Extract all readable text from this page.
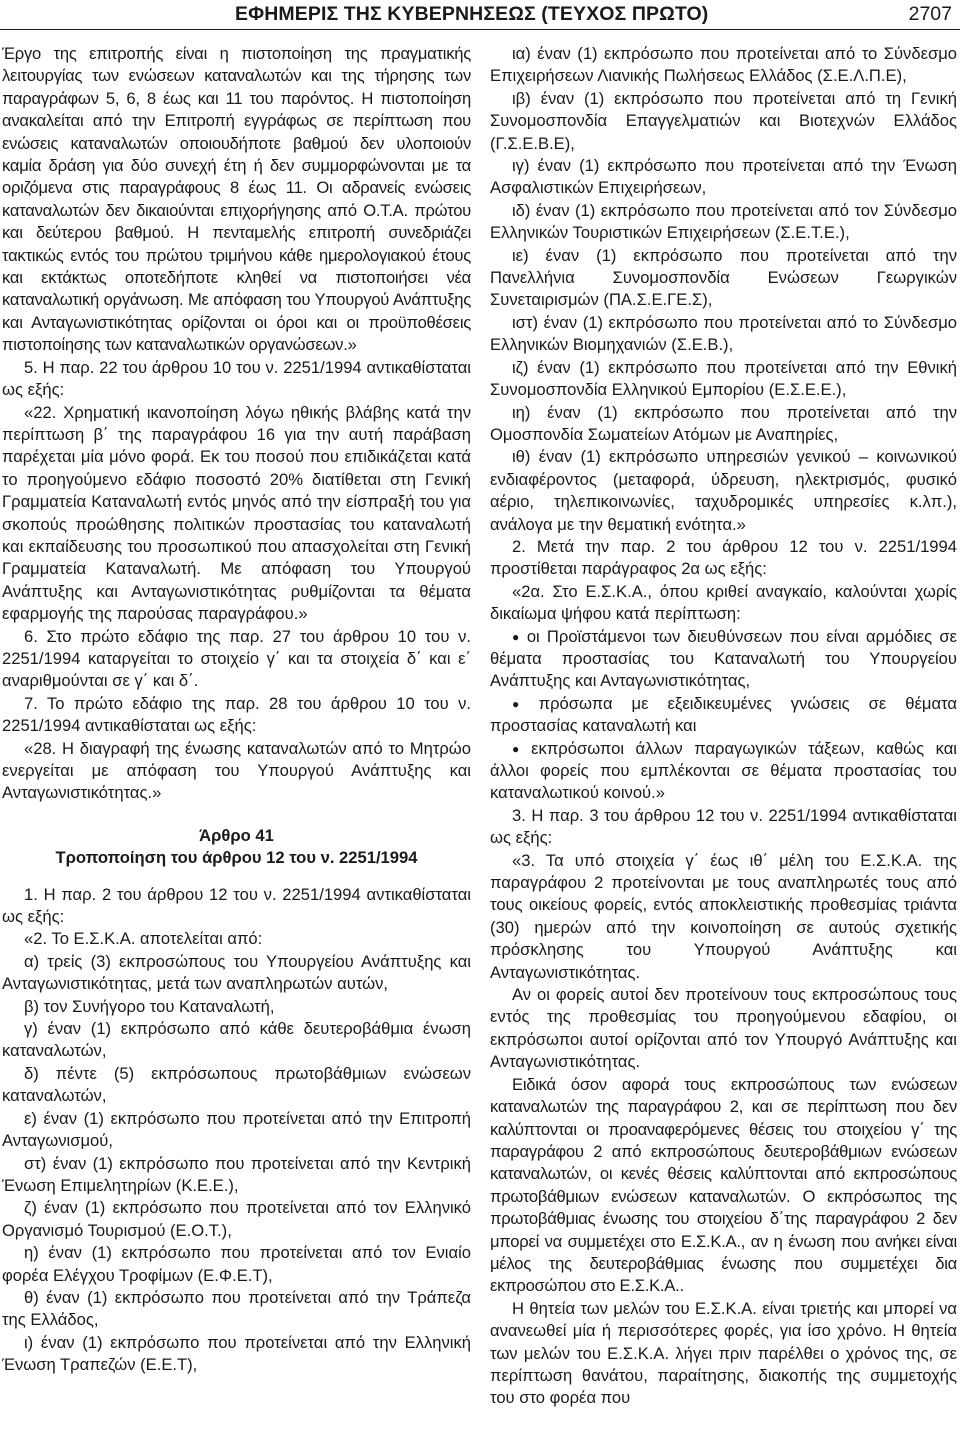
ΕΦΗΜΕΡΙΣ ΤΗΣ ΚΥΒΕΡΝΗΣΕΩΣ (ΤΕΥΧΟΣ ΠΡΩΤΟ)	2707

Έργο της επιτροπής είναι η πιστοποίηση της πραγματικής λειτουργίας των ενώσεων καταναλωτών και της τήρησης των παραγράφων 5, 6, 8 έως και 11 του παρόντος. Η πιστοποίηση ανακαλείται από την Επιτροπή εγγράφως σε περίπτωση που ενώσεις καταναλωτών οποιουδήποτε βαθμού δεν υλοποιούν καμία δράση για δύο συνεχή έτη ή δεν συμμορφώνονται με τα οριζόμενα στις παραγράφους 8 έως 11. Οι αδρανείς ενώσεις καταναλωτών δεν δικαιούνται επιχορήγησης από Ο.Τ.Α. πρώτου και δεύτερου βαθμού. Η πενταμελής επιτροπή συνεδριάζει τακτικώς εντός του πρώτου τριμήνου κάθε ημερολογιακού έτους και εκτάκτως οποτεδήποτε κληθεί να πιστοποιήσει νέα καταναλωτική οργάνωση. Με απόφαση του Υπουργού Ανάπτυξης και Ανταγωνιστικότητας ορίζονται οι όροι και οι προϋποθέσεις πιστοποίησης των καταναλωτικών οργανώσεων.»

5. Η παρ. 22 του άρθρου 10 του ν. 2251/1994 αντικαθίσταται ως εξής:

«22. Χρηματική ικανοποίηση λόγω ηθικής βλάβης κατά την περίπτωση β΄ της παραγράφου 16 για την αυτή παράβαση παρέχεται μία μόνο φορά. Εκ του ποσού που επιδικάζεται κατά το προηγούμενο εδάφιο ποσοστό 20% διατίθεται στη Γενική Γραμματεία Καταναλωτή εντός μηνός από την είσπραξή του για σκοπούς προώθησης πολιτικών προστασίας του καταναλωτή και εκπαίδευσης του προσωπικού που απασχολείται στη Γενική Γραμματεία Καταναλωτή. Με απόφαση του Υπουργού Ανάπτυξης και Ανταγωνιστικότητας ρυθμίζονται τα θέματα εφαρμογής της παρούσας παραγράφου.»

6. Στο πρώτο εδάφιο της παρ. 27 του άρθρου 10 του ν. 2251/1994 καταργείται το στοιχείο γ΄ και τα στοιχεία δ΄ και ε΄ αναριθμούνται σε γ΄ και δ΄.

7. Το πρώτο εδάφιο της παρ. 28 του άρθρου 10 του ν. 2251/1994 αντικαθίσταται ως εξής:

«28. Η διαγραφή της ένωσης καταναλωτών από το Μητρώο ενεργείται με απόφαση του Υπουργού Ανάπτυξης και Ανταγωνιστικότητας.»

Άρθρο 41
Τροποποίηση του άρθρου 12 του ν. 2251/1994

1. Η παρ. 2 του άρθρου 12 του ν. 2251/1994 αντικαθίσταται ως εξής:

«2. Το Ε.Σ.Κ.Α. αποτελείται από:

α) τρείς (3) εκπροσώπους του Υπουργείου Ανάπτυξης και Ανταγωνιστικότητας, μετά των αναπληρωτών αυτών,

β) τον Συνήγορο του Καταναλωτή,

γ) έναν (1) εκπρόσωπο από κάθε δευτεροβάθμια ένωση καταναλωτών,

δ) πέντε (5) εκπρόσωπους πρωτοβάθμιων ενώσεων καταναλωτών,

ε) έναν (1) εκπρόσωπο που προτείνεται από την Επιτροπή Ανταγωνισμού,

στ) έναν (1) εκπρόσωπο που προτείνεται από την Κεντρική Ένωση Επιμελητηρίων (Κ.Ε.Ε.),

ζ) έναν (1) εκπρόσωπο που προτείνεται από τον Ελληνικό Οργανισμό Τουρισμού (Ε.Ο.Τ.),

η) έναν (1) εκπρόσωπο που προτείνεται από τον Ενιαίο φορέα Ελέγχου Τροφίμων (Ε.Φ.Ε.Τ),

θ) έναν (1) εκπρόσωπο που προτείνεται από την Τράπεζα της Ελλάδος,

ι) έναν (1) εκπρόσωπο που προτείνεται από την Ελληνική Ένωση Τραπεζών (Ε.Ε.Τ),

ια) έναν (1) εκπρόσωπο που προτείνεται από το Σύνδεσμο Επιχειρήσεων Λιανικής Πωλήσεως Ελλάδος (Σ.Ε.Λ.Π.Ε),

ιβ) έναν (1) εκπρόσωπο που προτείνεται από τη Γενική Συνομοσπονδία Επαγγελματιών και Βιοτεχνών Ελλάδος (Γ.Σ.Ε.Β.Ε),

ιγ) έναν (1) εκπρόσωπο που προτείνεται από την Ένωση Ασφαλιστικών Επιχειρήσεων,

ιδ) έναν (1) εκπρόσωπο που προτείνεται από τον Σύνδεσμο Ελληνικών Τουριστικών Επιχειρήσεων (Σ.Ε.Τ.Ε.),

ιε) έναν (1) εκπρόσωπο που προτείνεται από την Πανελλήνια Συνομοσπονδία Ενώσεων Γεωργικών Συνεταιρισμών (ΠΑ.Σ.Ε.ΓΕ.Σ),

ιστ) έναν (1) εκπρόσωπο που προτείνεται από το Σύνδεσμο Ελληνικών Βιομηχανιών (Σ.Ε.Β.),

ιζ) έναν (1) εκπρόσωπο που προτείνεται από την Εθνική Συνομοσπονδία Ελληνικού Εμπορίου (Ε.Σ.Ε.Ε.),

ιη) έναν (1) εκπρόσωπο που προτείνεται από την Ομοσπονδία Σωματείων Ατόμων με Αναπηρίες,

ιθ) έναν (1) εκπρόσωπο υπηρεσιών γενικού – κοινωνικού ενδιαφέροντος (μεταφορά, ύδρευση, ηλεκτρισμός, φυσικό αέριο, τηλεπικοινωνίες, ταχυδρομικές υπηρεσίες κ.λπ.), ανάλογα με την θεματική ενότητα.»

2. Μετά την παρ. 2 του άρθρου 12 του ν. 2251/1994 προστίθεται παράγραφος 2α ως εξής:

«2α. Στο Ε.Σ.Κ.Α., όπου κριθεί αναγκαίο, καλούνται χωρίς δικαίωμα ψήφου κατά περίπτωση:

● οι Προϊστάμενοι των διευθύνσεων που είναι αρμόδιες σε θέματα προστασίας του Καταναλωτή του Υπουργείου Ανάπτυξης και Ανταγωνιστικότητας,

● πρόσωπα με εξειδικευμένες γνώσεις σε θέματα προστασίας καταναλωτή και

● εκπρόσωποι άλλων παραγωγικών τάξεων, καθώς και άλλοι φορείς που εμπλέκονται σε θέματα προστασίας του καταναλωτικού κοινού.»

3. Η παρ. 3 του άρθρου 12 του ν. 2251/1994 αντικαθίσταται ως εξής:

«3. Τα υπό στοιχεία γ΄ έως ιθ΄ μέλη του Ε.Σ.Κ.Α. της παραγράφου 2 προτείνονται με τους αναπληρωτές τους από τους οικείους φορείς, εντός αποκλειστικής προθεσμίας τριάντα (30) ημερών από την κοινοποίηση σε αυτούς σχετικής πρόσκλησης του Υπουργού Ανάπτυξης και Ανταγωνιστικότητας.

Αν οι φορείς αυτοί δεν προτείνουν τους εκπροσώπους τους εντός της προθεσμίας του προηγούμενου εδαφίου, οι εκπρόσωποι αυτοί ορίζονται από τον Υπουργό Ανάπτυξης και Ανταγωνιστικότητας.

Ειδικά όσον αφορά τους εκπροσώπους των ενώσεων καταναλωτών της παραγράφου 2, και σε περίπτωση που δεν καλύπτονται οι προαναφερόμενες θέσεις του στοιχείου γ΄ της παραγράφου 2 από εκπροσώπους δευτεροβάθμιων ενώσεων καταναλωτών, οι κενές θέσεις καλύπτονται από εκπροσώπους πρωτοβάθμιων ενώσεων καταναλωτών. Ο εκπρόσωπος της πρωτοβάθμιας ένωσης του στοιχείου δ΄της παραγράφου 2 δεν μπορεί να συμμετέχει στο Ε.Σ.Κ.Α., αν η ένωση που ανήκει είναι μέλος της δευτεροβάθμιας ένωσης που συμμετέχει δια εκπροσώπου στο Ε.Σ.Κ.Α..

Η θητεία των μελών του Ε.Σ.Κ.Α. είναι τριετής και μπορεί να ανανεωθεί μία ή περισσότερες φορές, για ίσο χρόνο. Η θητεία των μελών του Ε.Σ.Κ.Α. λήγει πριν παρέλθει ο χρόνος της, σε περίπτωση θανάτου, παραίτησης, διακοπής της συμμετοχής του στο φορέα που
